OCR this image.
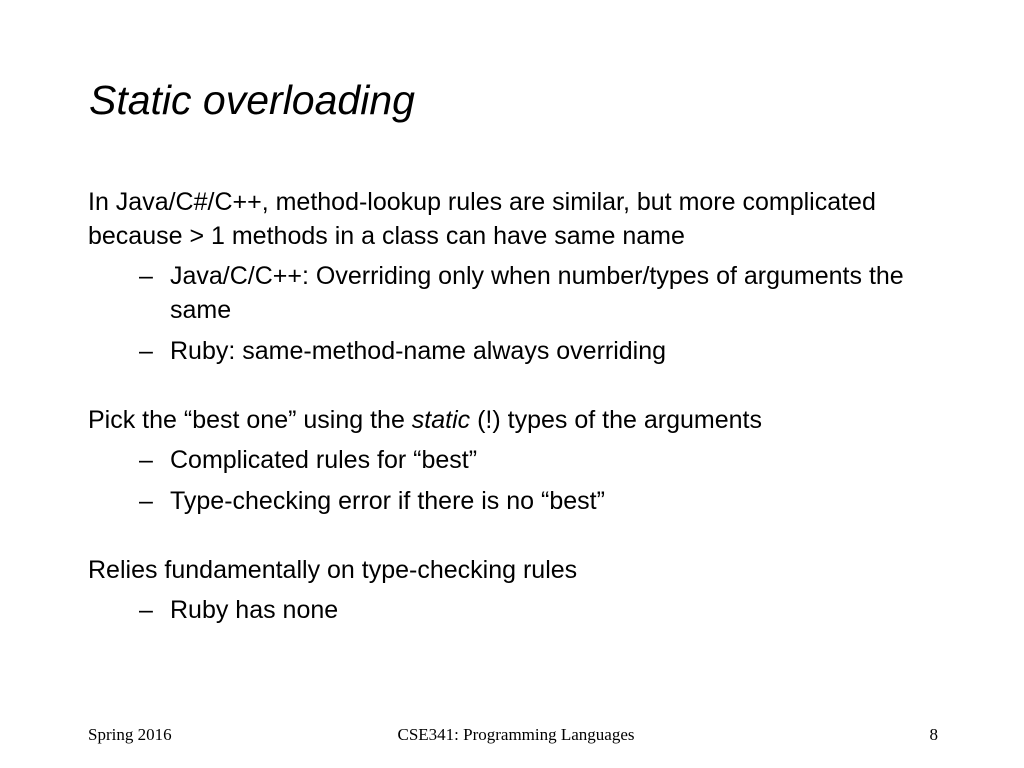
Static overloading
In Java/C#/C++, method-lookup rules are similar, but more complicated because > 1 methods in a class can have same name
– Java/C/C++: Overriding only when number/types of arguments the same
– Ruby: same-method-name always overriding
Pick the “best one” using the static (!) types of the arguments
– Complicated rules for “best”
– Type-checking error if there is no “best”
Relies fundamentally on type-checking rules
– Ruby has none
Spring 2016	CSE341: Programming Languages	8
